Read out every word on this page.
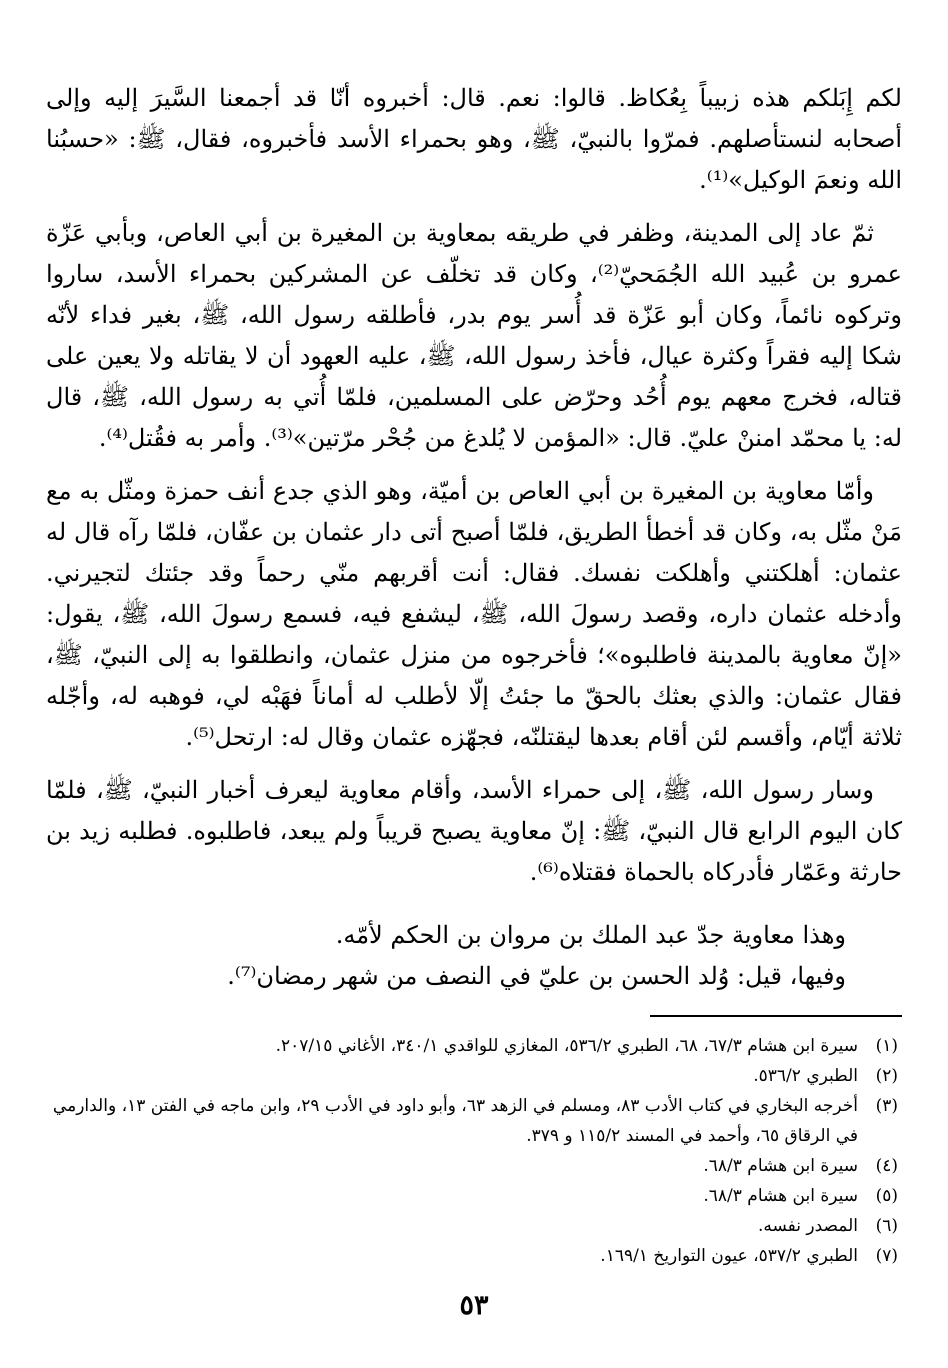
لكم إِبَلكم هذه زبيباً بِعُكاظ. قالوا: نعم. قال: أخبروه أنّا قد أجمعنا السَّيرَ إليه وإلى أصحابه لنستأصلهم. فمرّوا بالنبيّ، ﷺ، وهو بحمراء الأسد فأخبروه، فقال، ﷺ: «حسبُنا الله ونعمَ الوكيل»⁽¹⁾.

ثمّ عاد إلى المدينة، وظفر في طريقه بمعاوية بن المغيرة بن أبي العاص، وبأبي عَزّة عمرو بن عُبيد الله الجُمَحيّ⁽²⁾، وكان قد تخلّف عن المشركين بحمراء الأسد، ساروا وتركوه نائماً، وكان أبو عَزّة قد أُسر يوم بدر، فأطلقه رسول الله، ﷺ، بغير فداء لأنّه شكا إليه فقراً وكثرة عيال، فأخذ رسول الله، ﷺ، عليه العهود أن لا يقاتله ولا يعين على قتاله، فخرج معهم يوم أُحُد وحرّض على المسلمين، فلمّا أُتي به رسول الله، ﷺ، قال له: يا محمّد امننْ عليّ. قال: «المؤمن لا يُلدغ من جُحْر مرّتين»⁽³⁾. وأمر به فقُتل⁽⁴⁾.

وأمّا معاوية بن المغيرة بن أبي العاص بن أميّة، وهو الذي جدع أنف حمزة ومثّل به مع مَنْ مثّل به، وكان قد أخطأ الطريق، فلمّا أصبح أتى دار عثمان بن عفّان، فلمّا رآه قال له عثمان: أهلكتني وأهلكت نفسك. فقال: أنت أقربهم منّي رحماً وقد جئتك لتجيرني. وأدخله عثمان داره، وقصد رسولَ الله، ﷺ، ليشفع فيه، فسمع رسولَ الله، ﷺ، يقول: «إنّ معاوية بالمدينة فاطلبوه»؛ فأخرجوه من منزل عثمان، وانطلقوا به إلى النبيّ، ﷺ، فقال عثمان: والذي بعثك بالحقّ ما جئتُ إلّا لأطلب له أماناً فهَبْه لي، فوهبه له، وأجّله ثلاثة أيّام، وأقسم لئن أقام بعدها ليقتلنّه، فجهّزه عثمان وقال له: ارتحل⁽⁵⁾.

وسار رسول الله، ﷺ، إلى حمراء الأسد، وأقام معاوية ليعرف أخبار النبيّ، ﷺ، فلمّا كان اليوم الرابع قال النبيّ، ﷺ: إنّ معاوية يصبح قريباً ولم يبعد، فاطلبوه. فطلبه زيد بن حارثة وعَمّار فأدركاه بالحماة فقتلاه⁽⁶⁾.

وهذا معاوية جدّ عبد الملك بن مروان بن الحكم لأمّه.

وفيها، قيل: وُلد الحسن بن عليّ في النصف من شهر رمضان⁽⁷⁾.

(١)
سيرة ابن هشام ٦٧/٣، ٦٨، الطبري ٥٣٦/٢، المغازي للواقدي ٣٤٠/١، الأغاني ٢٠٧/١٥.
(٢)
الطبري ٥٣٦/٢.
(٣)
أخرجه البخاري في كتاب الأدب ٨٣، ومسلم في الزهد ٦٣، وأبو داود في الأدب ٢٩، وابن ماجه في الفتن ١٣، والدارمي في الرقاق ٦٥، وأحمد في المسند ١١٥/٢ و ٣٧٩.
(٤)
سيرة ابن هشام ٦٨/٣.
(٥)
سيرة ابن هشام ٦٨/٣.
(٦)
المصدر نفسه.
(٧)
الطبري ٥٣٧/٢، عيون التواريخ ١٦٩/١.
٥٣
